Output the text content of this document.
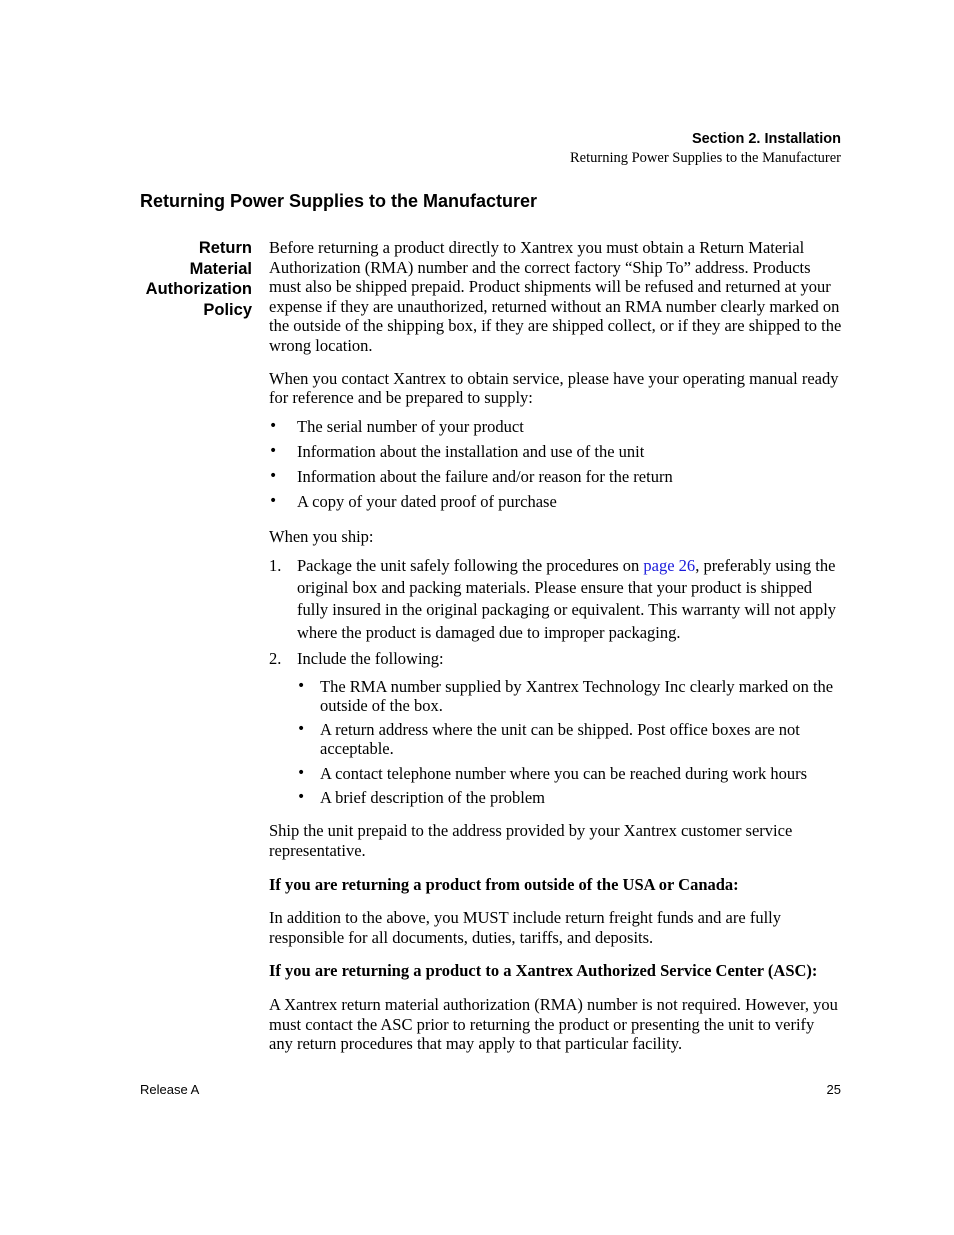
Section 2. Installation
Returning Power Supplies to the Manufacturer
Returning Power Supplies to the Manufacturer
Return
Material
Authorization
Policy

Before returning a product directly to Xantrex you must obtain a Return Material Authorization (RMA) number and the correct factory “Ship To” address. Products must also be shipped prepaid. Product shipments will be refused and returned at your expense if they are unauthorized, returned without an RMA number clearly marked on the outside of the shipping box, if they are shipped collect, or if they are shipped to the wrong location.

When you contact Xantrex to obtain service, please have your operating manual ready for reference and be prepared to supply:

• The serial number of your product
• Information about the installation and use of the unit
• Information about the failure and/or reason for the return
• A copy of your dated proof of purchase

When you ship:

1. Package the unit safely following the procedures on page 26, preferably using the original box and packing materials. Please ensure that your product is shipped fully insured in the original packaging or equivalent. This warranty will not apply where the product is damaged due to improper packaging.
2. Include the following:
• The RMA number supplied by Xantrex Technology Inc clearly marked on the outside of the box.
• A return address where the unit can be shipped. Post office boxes are not acceptable.
• A contact telephone number where you can be reached during work hours
• A brief description of the problem

Ship the unit prepaid to the address provided by your Xantrex customer service representative.

If you are returning a product from outside of the USA or Canada:

In addition to the above, you MUST include return freight funds and are fully responsible for all documents, duties, tariffs, and deposits.

If you are returning a product to a Xantrex Authorized Service Center (ASC):

A Xantrex return material authorization (RMA) number is not required. However, you must contact the ASC prior to returning the product or presenting the unit to verify any return procedures that may apply to that particular facility.

Release A	25
